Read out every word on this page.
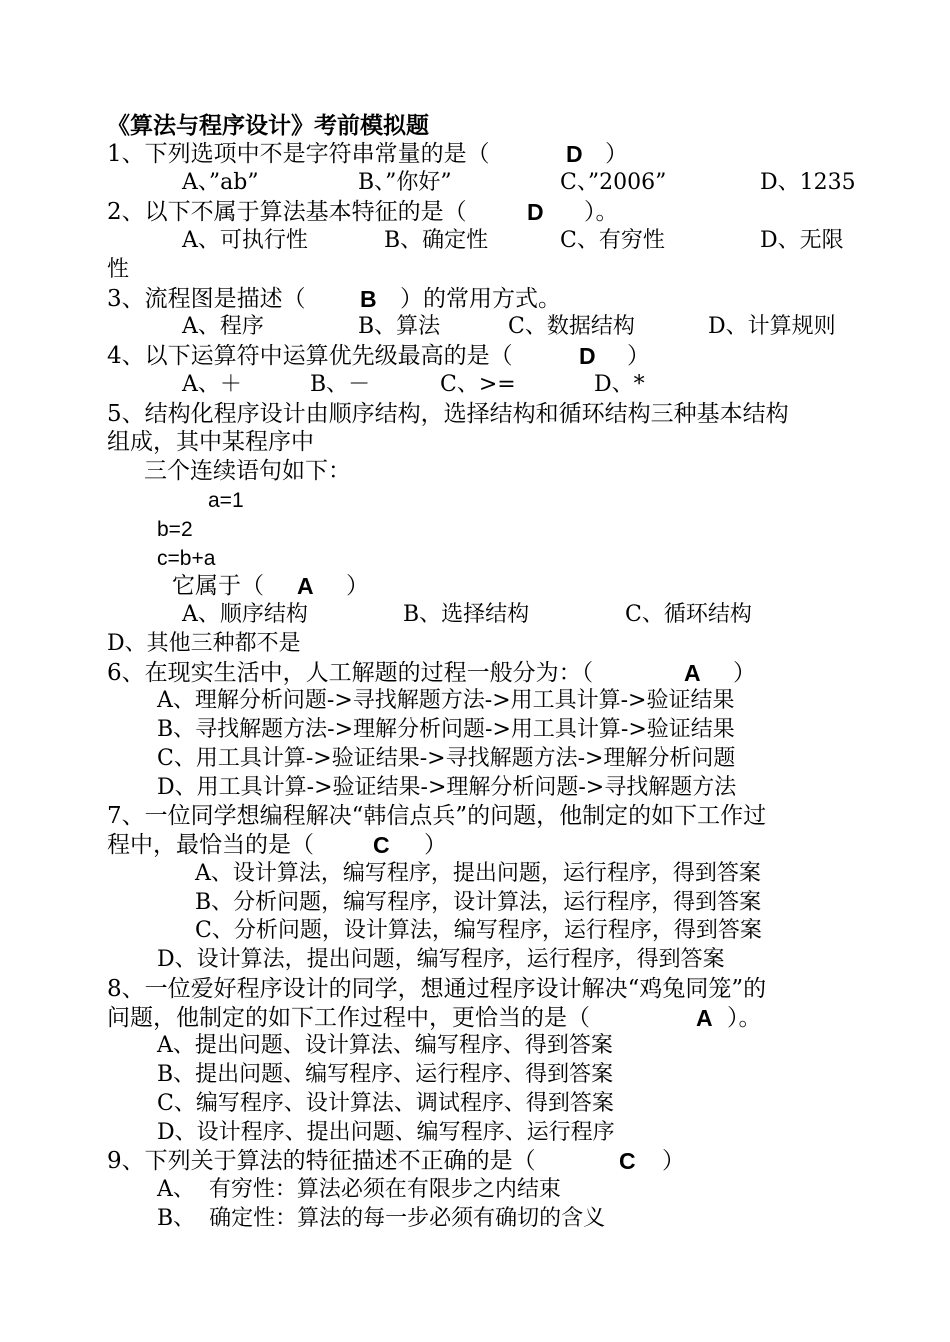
《算法与程序设计》考前模拟题
1、下列选项中不是字符串常量的是（	D ）
A、”ab”	B、”你好”	C、”2006”	D、1235
2、以下不属于算法基本特征的是（	D ）。
A、可执行性	B、确定性	C、有穷性	D、无限
性
3、流程图是描述（ B ）的常用方式。
A、程序	B、算法	C、数据结构	D、计算规则
4、以下运算符中运算优先级最高的是（	D ）
A、＋	B、－	C、>=	D、*
5、结构化程序设计由顺序结构，选择结构和循环结构三种基本结构
组成，其中某程序中
三个连续语句如下：
a=1
b=2
c=b+a
它属于（ A ）
A、顺序结构	B、选择结构	C、循环结构
D、其他三种都不是
6、在现实生活中，人工解题的过程一般分为：（	A ）
A、理解分析问题->寻找解题方法->用工具计算->验证结果
B、寻找解题方法->理解分析问题->用工具计算->验证结果
C、用工具计算->验证结果->寻找解题方法->理解分析问题
D、用工具计算->验证结果->理解分析问题->寻找解题方法
7、一位同学想编程解决“韩信点兵”的问题，他制定的如下工作过
程中，最恰当的是（	C ）
A、设计算法，编写程序，提出问题，运行程序，得到答案
B、分析问题，编写程序，设计算法，运行程序，得到答案
C、分析问题，设计算法，编写程序，运行程序，得到答案
D、设计算法，提出问题，编写程序，运行程序，得到答案
8、一位爱好程序设计的同学，想通过程序设计解决“鸡兔同笼”的
问题，他制定的如下工作过程中，更恰当的是（	A ）。
A、提出问题、设计算法、编写程序、得到答案
B、提出问题、编写程序、运行程序、得到答案
C、编写程序、设计算法、调试程序、得到答案
D、设计程序、提出问题、编写程序、运行程序
9、下列关于算法的特征描述不正确的是（	C ）
A、  有穷性：算法必须在有限步之内结束
B、  确定性：算法的每一步必须有确切的含义
